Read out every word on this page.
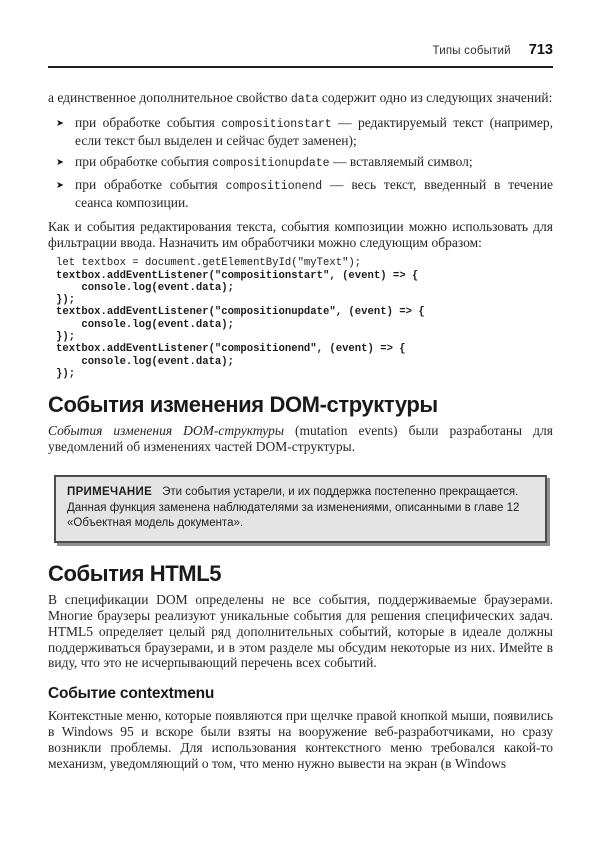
Типы событий 713

а единственное дополнительное свойство data содержит одно из следующих значений:

➤ при обработке события compositionstart — редактируемый текст (например, если текст был выделен и сейчас будет заменен);
➤ при обработке события compositionupdate — вставляемый символ;
➤ при обработке события compositionend — весь текст, введенный в течение сеанса композиции.

Как и события редактирования текста, события композиции можно использовать для фильтрации ввода. Назначить им обработчики можно следующим образом:

let textbox = document.getElementById("myText");
textbox.addEventListener("compositionstart", (event) => {
console.log(event.data);
});
textbox.addEventListener("compositionupdate", (event) => {
console.log(event.data);
});
textbox.addEventListener("compositionend", (event) => {
console.log(event.data);
});
События изменения DOM-структуры

События изменения DOM-структуры (mutation events) были разработаны для уведомлений об изменениях частей DOM-структуры.

ПРИМЕЧАНИЕ Эти события устарели, и их поддержка постепенно прекращается. Данная функция заменена наблюдателями за изменениями, описанными в главе 12 «Объектная модель документа».
События HTML5

В спецификации DOM определены не все события, поддерживаемые браузерами. Многие браузеры реализуют уникальные события для решения специфических задач. HTML5 определяет целый ряд дополнительных событий, которые в идеале должны поддерживаться браузерами, и в этом разделе мы обсудим некоторые из них. Имейте в виду, что это не исчерпывающий перечень всех событий.

Событие contextmenu

Контекстные меню, которые появляются при щелчке правой кнопкой мыши, появились в Windows 95 и вскоре были взяты на вооружение веб-разработчиками, но сразу возникли проблемы. Для использования контекстного меню требовался какой-то механизм, уведомляющий о том, что меню нужно вывести на экран (в Windows
